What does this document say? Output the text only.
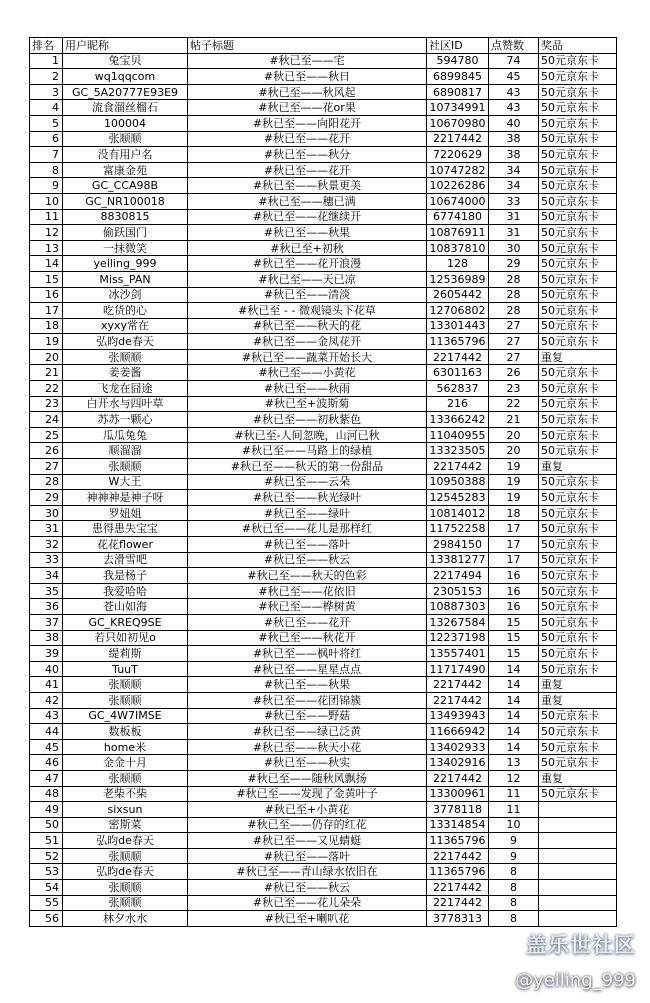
排名	用户昵称	帖子标题	社区ID	点赞数	奖品
1	兔宝贝	#秋已至——宅	594780	74	50元京东卡
2	wq1qqcom	#秋已至——秋日	6899845	45	50元京东卡
3	GC_5A20777E93E9	#秋已至——秋风起	6890817	43	50元京东卡
4	流食溜丝榴石	#秋已至——花or果	10734991	43	50元京东卡
5	100004	#秋已至——向阳花开	10670980	40	50元京东卡
6	张顺顺	#秋已至——花开	2217442	38	50元京东卡
7	没有用户名	#秋已至——秋分	7220629	38	50元京东卡
8	富康金苑	#秋已至——花开	10747282	34	50元京东卡
9	GC_CCA98B	#秋已至——秋景更美	10226286	34	50元京东卡
10	GC_NR100018	#秋已至——穗已满	10674000	33	50元京东卡
11	8830815	#秋已至——花继续开	6774180	31	50元京东卡
12	偷跃国门	#秋已至——秋果	10876911	31	50元京东卡
13	一抹微笑	#秋已至+初秋	10837810	30	50元京东卡
14	yelling_999	#秋已至——花开浪漫	128	29	50元京东卡
15	Miss_PAN	#秋已至——天已凉	12536989	28	50元京东卡
16	冰沙剑	#秋已至——清淡	2605442	28	50元京东卡
17	吃货的心	#秋已至 - - 微观镜头下花草	12706802	28	50元京东卡
18	xyxy常在	#秋已至——秋天的花	13301443	27	50元京东卡
19	弘昀de春天	#秋已至——金凤花开	11365796	27	50元京东卡
20	张顺顺	#秋已至——蔬菜开始长大	2217442	27	重复
21	姜姜酱	#秋已至——小黄花	6301163	26	50元京东卡
22	飞龙在囧途	#秋已至——秋雨	562837	23	50元京东卡
23	白开水与四叶草	#秋已至+波斯菊	216	22	50元京东卡
24	苏苏一颗心	#秋已至——初秋紫色	13366242	21	50元京东卡
25	瓜瓜兔兔	#秋已至-人间忽晚，山河已秋	11040955	20	50元京东卡
26	顺溜溜	#秋已至——马路上的绿植	13323505	20	50元京东卡
27	张顺顺	#秋已至——秋天的第一份甜品	2217442	19	重复
28	W大王	#秋已至——云朵	10950388	19	50元京东卡
29	神神神是神子呀	#秋已至——秋光绿叶	12545283	19	50元京东卡
30	罗妞姐	#秋已至——绿叶	10814012	18	50元京东卡
31	患得患失宝宝	#秋已至——花儿是那样红	11752258	17	50元京东卡
32	花花flower	#秋已至——落叶	2984150	17	50元京东卡
33	去滑雪吧	#秋已至——秋云	13381277	17	50元京东卡
34	我是杨子	#秋已至——秋天的色彩	2217494	16	50元京东卡
35	我爱哈哈	#秋已至——花依旧	2305153	16	50元京东卡
36	苍山如海	#秋已至——桦树黄	10887303	16	50元京东卡
37	GC_KREQ9SE	#秋已至——花开	13267584	15	50元京东卡
38	若只如初见o	#秋已至——秋花开	12237198	15	50元京东卡
39	缇莉斯	#秋已至——枫叶将红	13557401	15	50元京东卡
40	TuuT	#秋已至——星星点点	11717490	14	50元京东卡
41	张顺顺	#秋已至——秋果	2217442	14	重复
42	张顺顺	#秋已至——花团锦簇	2217442	14	重复
43	GC_4W7IMSE	#秋已至——野菇	13493943	14	50元京东卡
44	数板板	#秋已至——绿已泛黄	11666942	14	50元京东卡
45	home米	#秋已至——秋天小花	13402933	14	50元京东卡
46	金金十月	#秋已至——秋实	13402916	13	50元京东卡
47	张顺顺	#秋已至——随秋风飘扬	2217442	12	重复
48	老柴不柴	#秋已至——发现了金黄叶子	13300961	11	50元京东卡
49	sixsun	#秋已至+小黄花	3778118	11	
50	密斯菜	#秋已至——仍存的红花	13314854	10	
51	弘昀de春天	#秋已至——又见蜻蜓	11365796	9	
52	张顺顺	#秋已至——落叶	2217442	9	
53	弘昀de春天	#秋已至——青山绿水依旧在	11365796	8	
54	张顺顺	#秋已至——秋云	2217442	8	
55	张顺顺	#秋已至——花儿朵朵	2217442	8	
56	林夕水水	#秋已至+喇叭花	3778313	8	
盖乐世社区
@yelling_999
